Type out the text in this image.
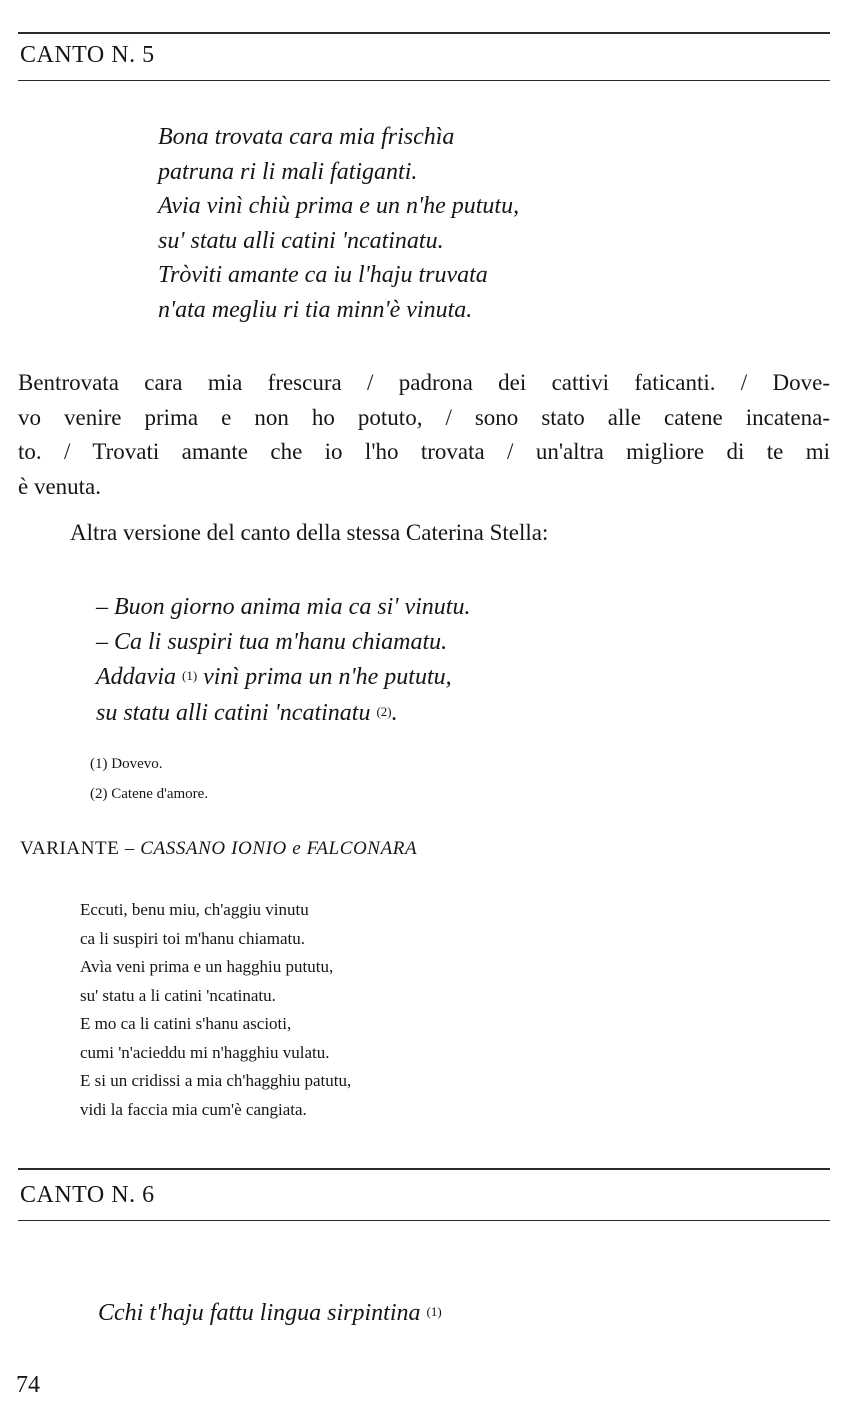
CANTO N. 5
Bona trovata cara mia frischìa
patruna ri li mali fatiganti.
Avia vinì chiù prima e un n'he pututu,
su' statu alli catini 'ncatinatu.
Tròviti amante ca iu l'haju truvata
n'ata megliu ri tia minn'è vinuta.
Bentrovata cara mia frescura / padrona dei cattivi faticanti. / Dove-
vo venire prima e non ho potuto, / sono stato alle catene incatena-
to. / Trovati amante che io l'ho trovata / un'altra migliore di te mi
è venuta.

Altra versione del canto della stessa Caterina Stella:

– Buon giorno anima mia ca si' vinutu.
– Ca li suspiri tua m'hanu chiamatu.
Addavia $^{(1)}$ vinì prima un n'he pututu,
su statu alli catini 'ncatinatu $^{(2)}$.

(1) Dovevo.

(2) Catene d'amore.

VARIANTE – CASSANO IONIO e FALCONARA

Eccuti, benu miu, ch'aggiu vinutu
ca li suspiri toi m'hanu chiamatu.
Avìa veni prima e un hagghiu pututu,
su' statu a li catini 'ncatinatu.
E mo ca li catini s'hanu ascioti,
cumi 'n'acieddu mi n'hagghiu vulatu.
E si un cridissi a mia ch'hagghiu patutu,
vidi la faccia mia cum'è cangiata.
CANTO N. 6

Cchi t'haju fattu lingua sirpintina $^{(1)}$

74
